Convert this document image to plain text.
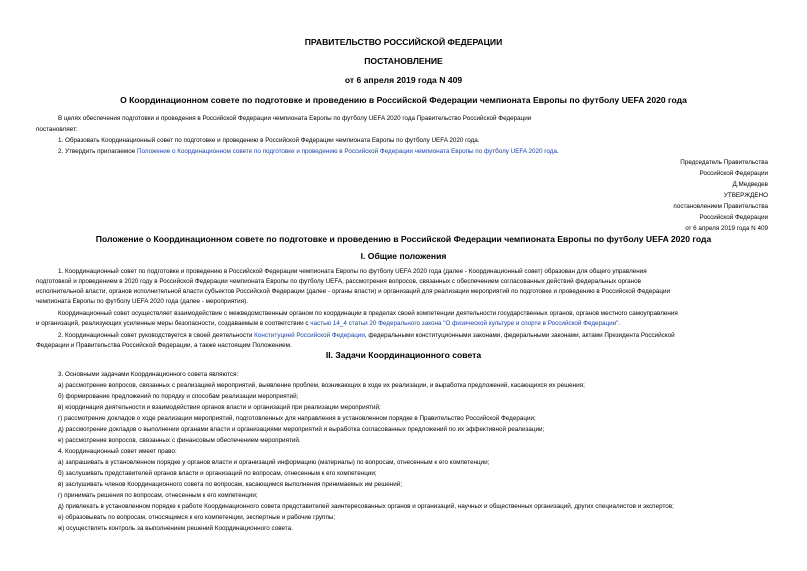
ПРАВИТЕЛЬСТВО РОССИЙСКОЙ ФЕДЕРАЦИИ
ПОСТАНОВЛЕНИЕ
от 6 апреля 2019 года N 409
О Координационном совете по подготовке и проведению в Российской Федерации чемпионата Европы по футболу UEFA 2020 года
В целях обеспечения подготовки и проведения в Российской Федерации чемпионата Европы по футболу UEFA 2020 года Правительство Российской Федерации
постановляет:
1. Образовать Координационный совет по подготовке и проведению в Российской Федерации чемпионата Европы по футболу UEFA 2020 года.
2. Утвердить прилагаемое Положение о Координационном совете по подготовке и проведению в Российской Федерации чемпионата Европы по футболу UEFA 2020 года.
Председатель Правительства
Российской Федерации
Д.Медведев
УТВЕРЖДЕНО
постановлением Правительства
Российской Федерации
от 6 апреля 2019 года N 409
Положение о Координационном совете по подготовке и проведению в Российской Федерации чемпионата Европы по футболу UEFA 2020 года
I. Общие положения
1. Координационный совет по подготовке и проведению в Российской Федерации чемпионата Европы по футболу UEFA 2020 года (далее - Координационный совет) образован для общего управления
подготовкой и проведением в 2020 году в Российской Федерации чемпионата Европы по футболу UEFA, рассмотрения вопросов, связанных с обеспечением согласованных действий федеральных органов
исполнительной власти, органов исполнительной власти субъектов Российской Федерации (далее - органы власти) и организаций для реализации мероприятий по подготовке и проведению в Российской Федерации
чемпионата Европы по футболу UEFA 2020 года (далее - мероприятия).
Координационный совет осуществляет взаимодействие с межведомственным органом по координации в пределах своей компетенции деятельности государственных органов, органов местного самоуправления
и организаций, реализующих усиленные меры безопасности, создаваемым в соответствии с частью 14_4 статьи 20 Федерального закона "О физической культуре и спорте в Российской Федерации".
2. Координационный совет руководствуется в своей деятельности Конституцией Российской Федерации, федеральными конституционными законами, федеральными законами, актами Президента Российской
Федерации и Правительства Российской Федерации, а также настоящим Положением.
II. Задачи Координационного совета
3. Основными задачами Координационного совета являются:
а) рассмотрение вопросов, связанных с реализацией мероприятий, выявление проблем, возникающих в ходе их реализации, и выработка предложений, касающихся их решения;
б) формирование предложений по порядку и способам реализации мероприятий;
в) координация деятельности и взаимодействия органов власти и организаций при реализации мероприятий;
г) рассмотрение докладов о ходе реализации мероприятий, подготовленных для направления в установленном порядке в Правительство Российской Федерации;
д) рассмотрение докладов о выполнении органами власти и организациями мероприятий и выработка согласованных предложений по их эффективной реализации;
е) рассмотрение вопросов, связанных с финансовым обеспечением мероприятий.
4. Координационный совет имеет право:
а) запрашивать в установленном порядке у органов власти и организаций информацию (материалы) по вопросам, отнесенным к его компетенции;
б) заслушивать представителей органов власти и организаций по вопросам, отнесенным к его компетенции;
в) заслушивать членов Координационного совета по вопросам, касающимся выполнения принимаемых им решений;
г) принимать решения по вопросам, отнесенным к его компетенции;
д) привлекать в установленном порядке к работе Координационного совета представителей заинтересованных органов и организаций, научных и общественных организаций, других специалистов и экспертов;
е) образовывать по вопросам, относящимся к его компетенции, экспертные и рабочие группы;
ж) осуществлять контроль за выполнением решений Координационного совета.
